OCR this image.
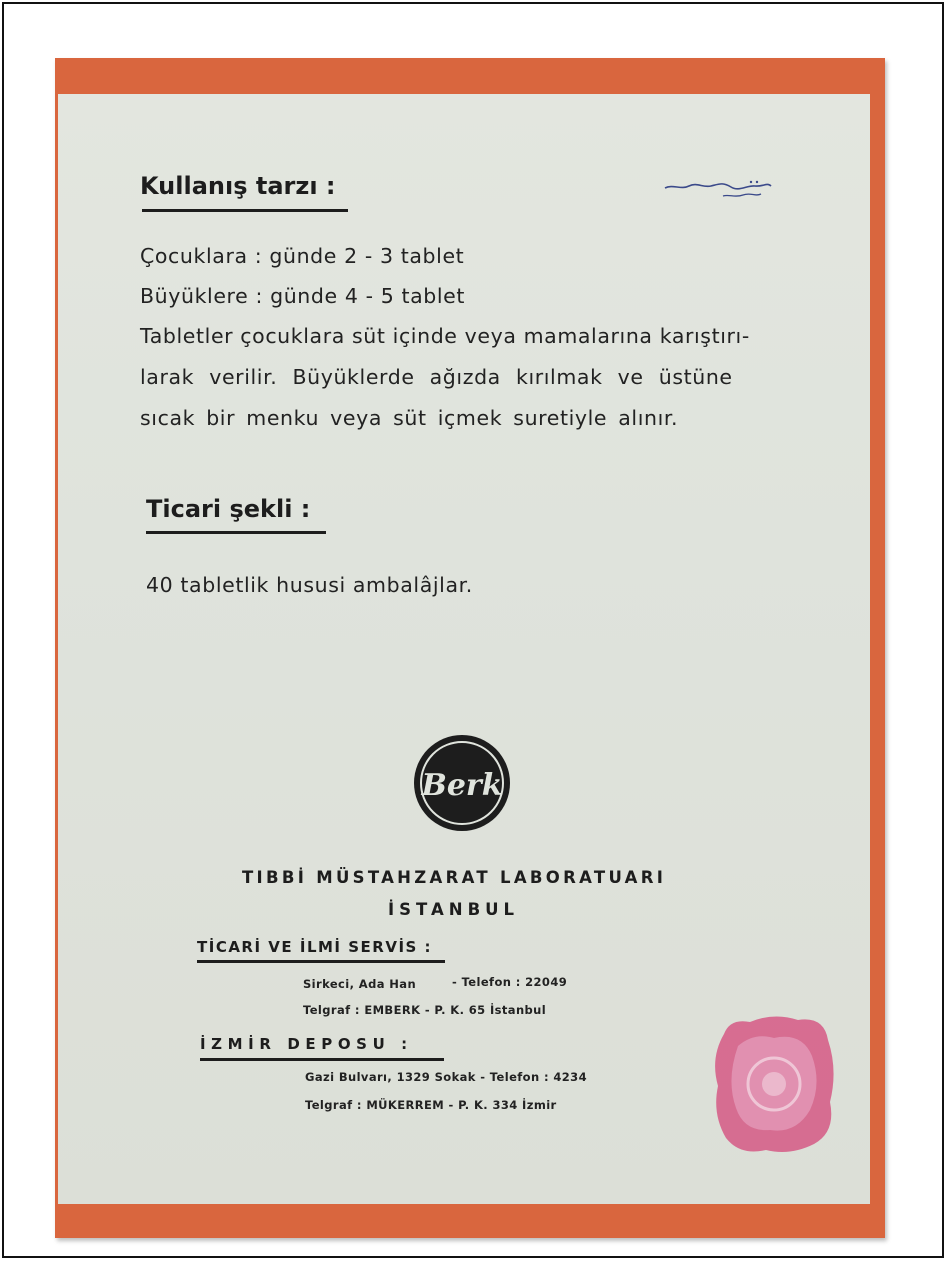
Kullanış tarzı :
Çocuklara : günde 2 - 3 tablet
Büyüklere : günde 4 - 5 tablet
Tabletler çocuklara süt içinde veya mamalarına karıştırı-
larak verilir. Büyüklerde ağızda kırılmak ve üstüne
sıcak bir menku veya süt içmek suretiyle alınır.
Ticari şekli :
40 tabletlik hususi ambalâjlar.
Berk
TIBBİ MÜSTAHZARAT LABORATUARI
İSTANBUL
TİCARİ VE İLMİ SERVİS :
Sirkeci, Ada Han	- Telefon : 22049
Telgraf : EMBERK - P. K. 65 İstanbul
İZMİR DEPOSU :
Gazi Bulvarı, 1329 Sokak - Telefon : 4234
Telgraf : MÜKERREM - P. K. 334 İzmir
